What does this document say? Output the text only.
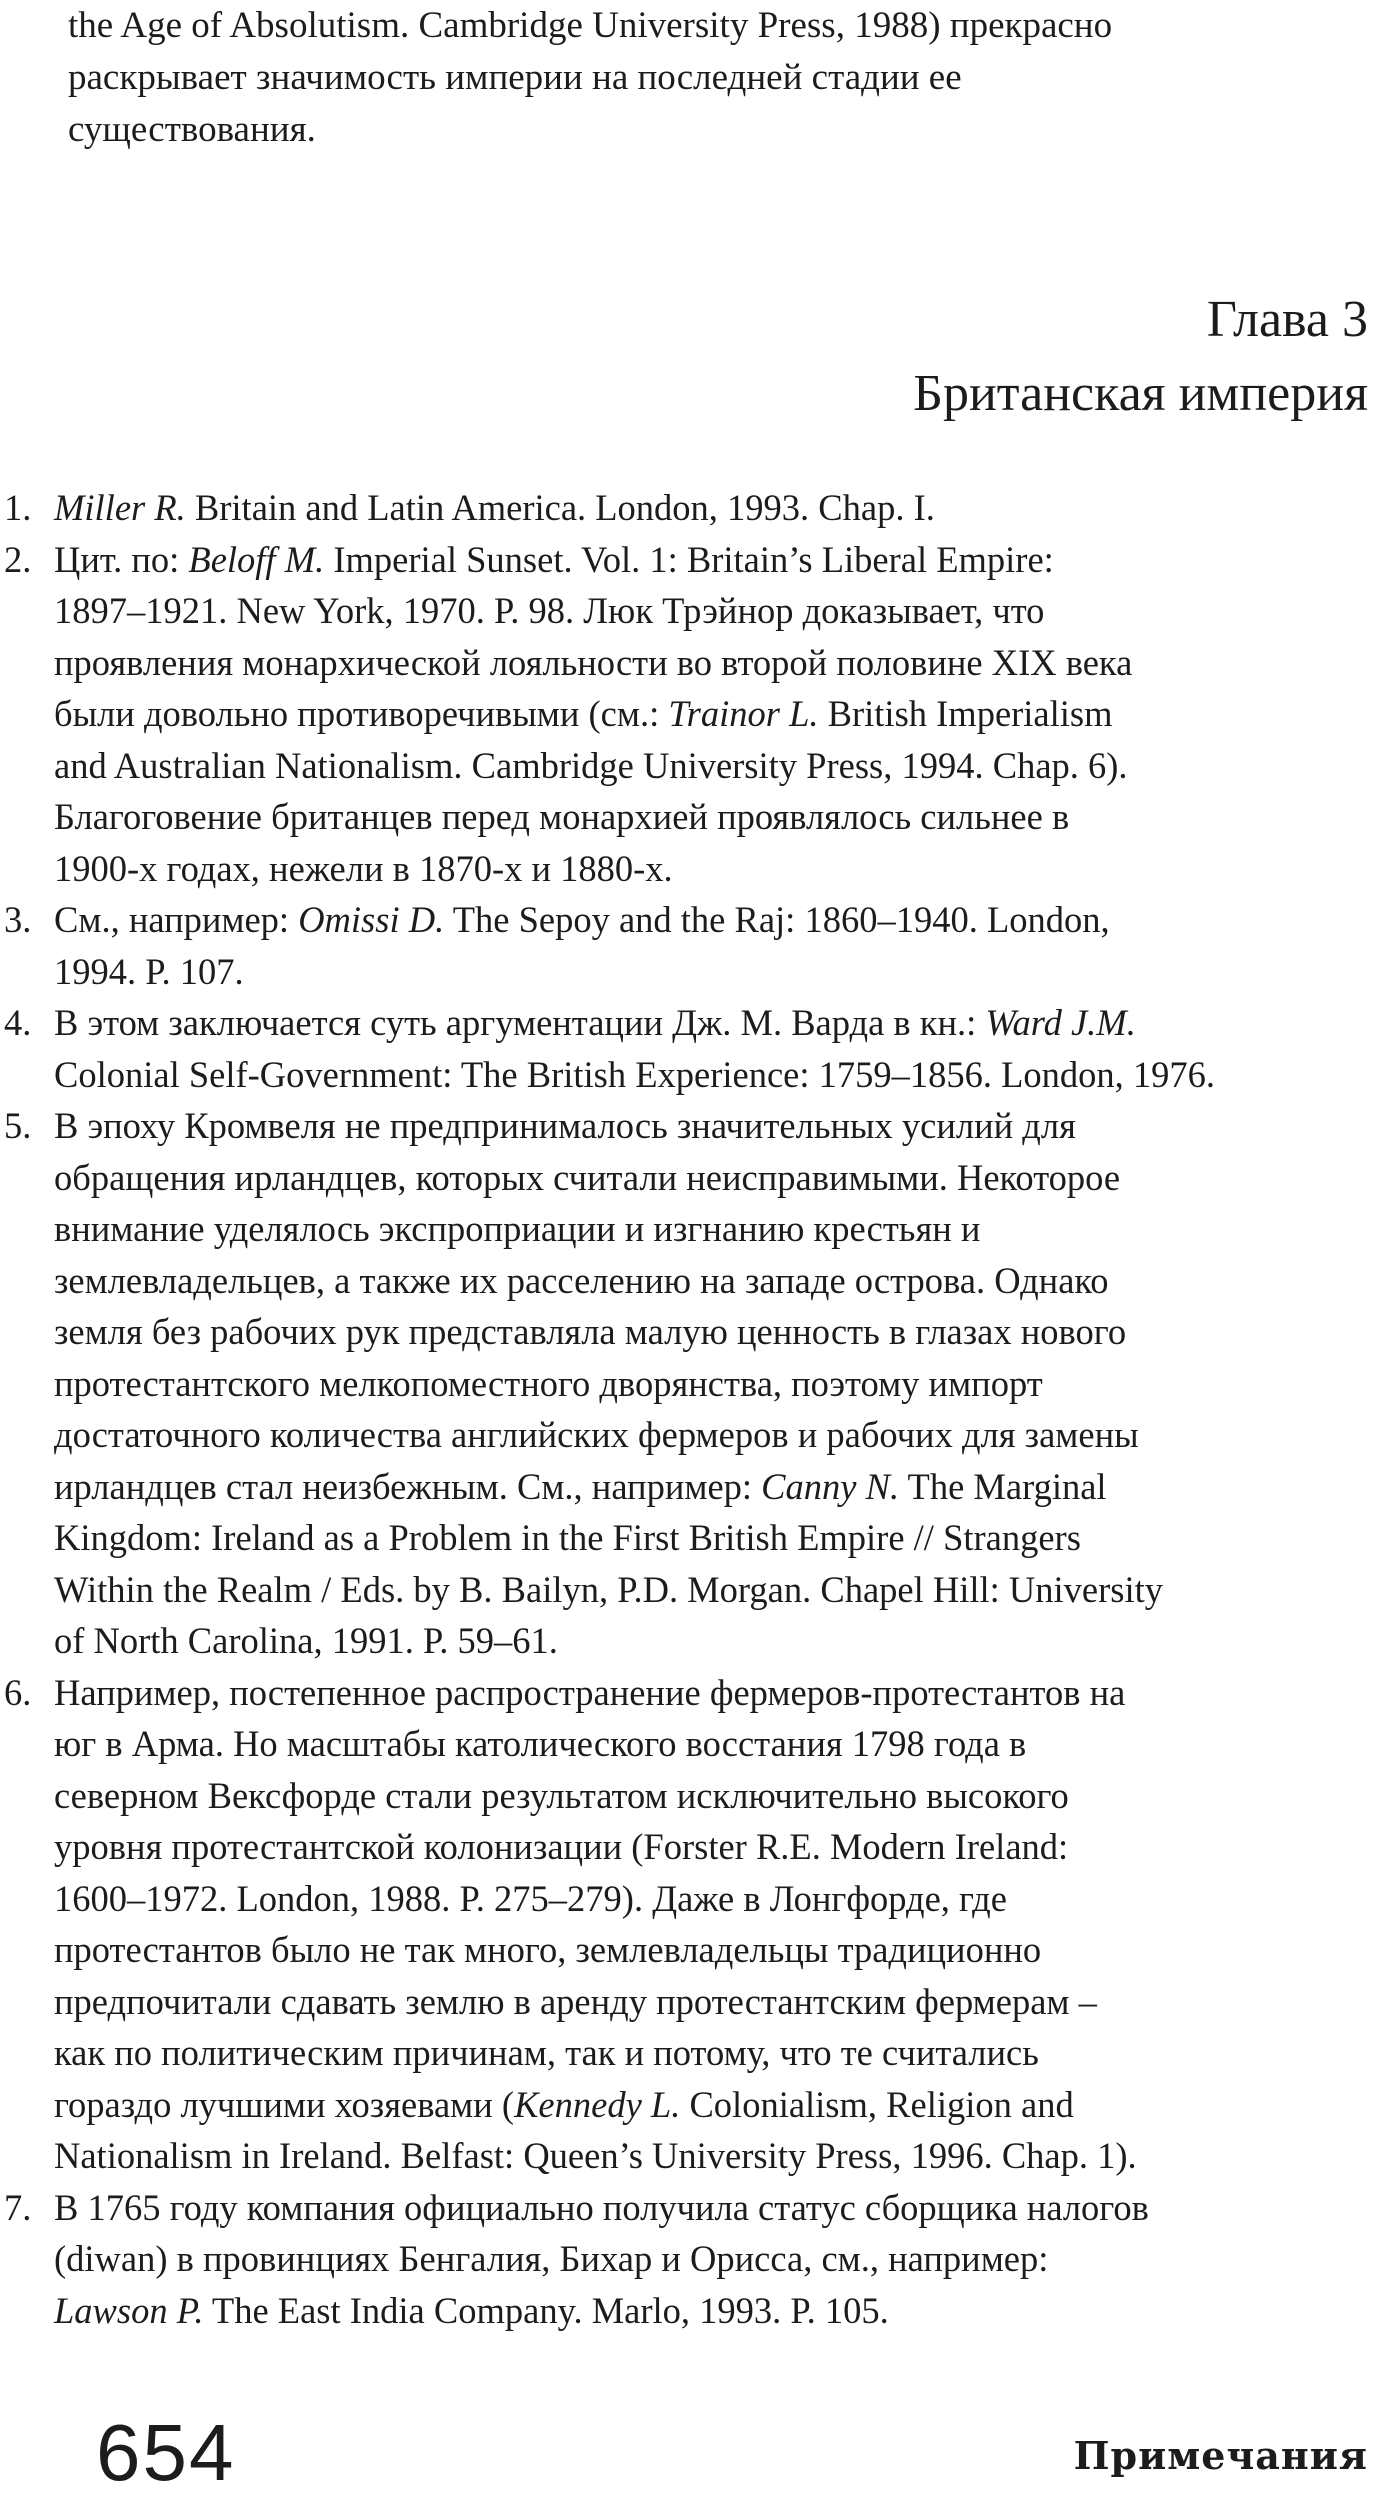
the Age of Absolutism. Cambridge University Press, 1988) прекрасно

раскрывает значимость империи на последней стадии ее

существования.

Глава 3
Британская империя
1. Miller R. Britain and Latin America. London, 1993. Chap. I.
2. Цит. по: Beloff M. Imperial Sunset. Vol. 1: Britain’s Liberal Empire:
1897–1921. New York, 1970. P. 98. Люк Трэйнор доказывает, что
проявления монархической лояльности во второй половине XIX века
были довольно противоречивыми (см.: Trainor L. British Imperialism
and Australian Nationalism. Cambridge University Press, 1994. Chap. 6).
Благоговение британцев перед монархией проявлялось сильнее в
1900-х годах, нежели в 1870-х и 1880-х.
3. См., например: Omissi D. The Sepoy and the Raj: 1860–1940. London,
1994. P. 107.
4. В этом заключается суть аргументации Дж. М. Варда в кн.: Ward J.M.
Colonial Self-Government: The British Experience: 1759–1856. London, 1976.
5. В эпоху Кромвеля не предпринималось значительных усилий для
обращения ирландцев, которых считали неисправимыми. Некоторое
внимание уделялось экспроприации и изгнанию крестьян и
землевладельцев, а также их расселению на западе острова. Однако
земля без рабочих рук представляла малую ценность в глазах нового
протестантского мелкопоместного дворянства, поэтому импорт
достаточного количества английских фермеров и рабочих для замены
ирландцев стал неизбежным. См., например: Canny N. The Marginal
Kingdom: Ireland as a Problem in the First British Empire // Strangers
Within the Realm / Eds. by B. Bailyn, P.D. Morgan. Chapel Hill: University
of North Carolina, 1991. P. 59–61.
6. Например, постепенное распространение фермеров-протестантов на
юг в Арма. Но масштабы католического восстания 1798 года в
северном Вексфорде стали результатом исключительно высокого
уровня протестантской колонизации (Forster R.E. Modern Ireland:
1600–1972. London, 1988. P. 275–279). Даже в Лонгфорде, где
протестантов было не так много, землевладельцы традиционно
предпочитали сдавать землю в аренду протестантским фермерам –
как по политическим причинам, так и потому, что те считались
гораздо лучшими хозяевами (Kennedy L. Colonialism, Religion and
Nationalism in Ireland. Belfast: Queen’s University Press, 1996. Chap. 1).
7. В 1765 году компания официально получила статус сборщика налогов
(diwan) в провинциях Бенгалия, Бихар и Орисса, см., например:
Lawson P. The East India Company. Marlo, 1993. P. 105.
654	Примечания
